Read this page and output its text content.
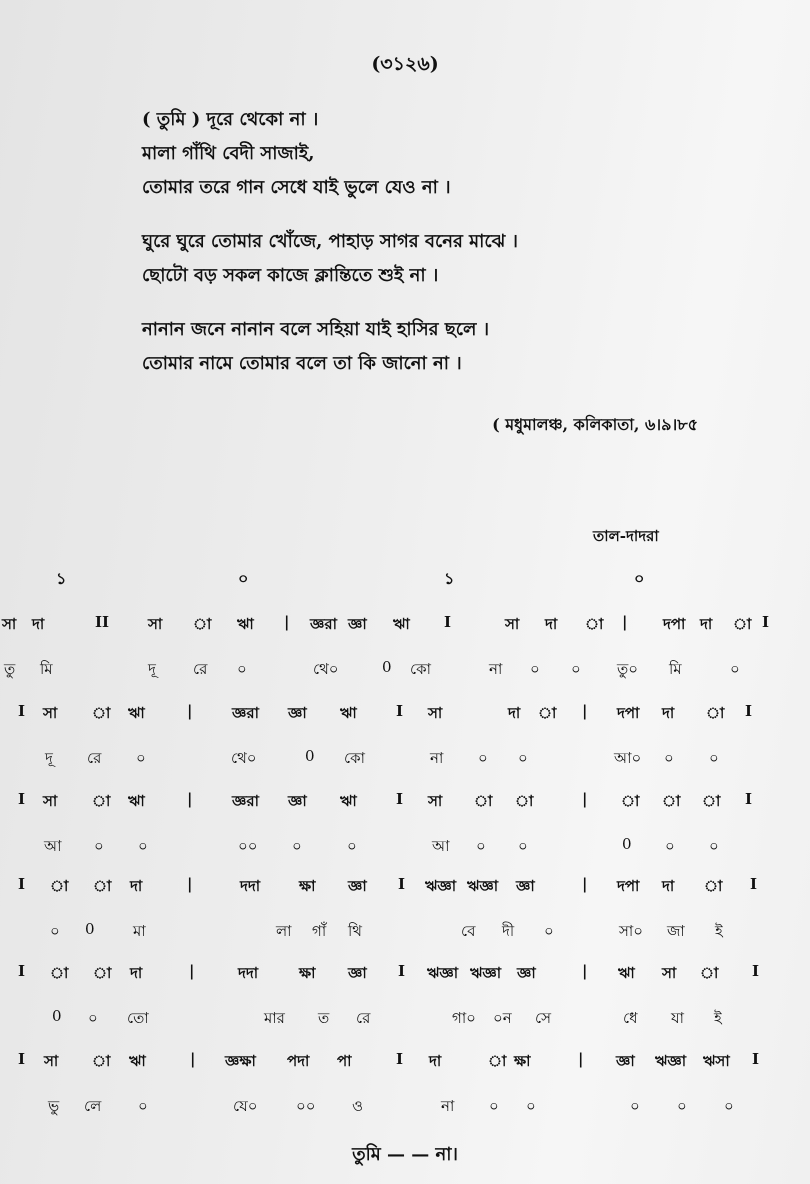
(৩১২৬)
( তুমি ) দূরে থেকো না ।
মালা গাঁথি বেদী সাজাই,
তোমার তরে গান সেধে যাই ভুলে যেও না ।
ঘুরে ঘুরে তোমার খোঁজে, পাহাড় সাগর বনের মাঝে ।
ছোটো বড় সকল কাজে ক্লান্তিতে শুই না ।
নানান জনে নানান বলে সহিয়া যাই হাসির ছলে ।
তোমার নামে তোমার বলে তা কি জানো না ।
( মধুমালঞ্চ, কলিকাতা, ৬।৯।৮৫
তাল-দাদরা
১	০	১	০
সা দা	II	সা া ঋা | জ্ঞরা জ্ঞা ঋা I	সা দা া | দপা দা া I
তু মি	দূ রে ০	থে০	0 কো	না ০ ০ তু০ মি	০
I সা া ঋা	|	জ্ঞরা জ্ঞা ঋা	I সা	দা া | দপা দা া I
দূ রে ০	থে০	0 কো	না ০ ০	আ০ ০ ০
I সা া ঋা	|	জ্ঞরা জ্ঞা ঋা	I সা া া	| া া া I
আ ০ ০	০০ ০	০	আ ০ ০	0 ০ ০
I া া দা	|	দদা	ক্ষা জ্ঞা I ঋজ্ঞা ঋজ্ঞা জ্ঞা	| দপা দা া I
০ 0	মা	লা গাঁ থি	বে দী ০	সা০ জা ই
I া া দা	|	দদা	ক্ষা জ্ঞা I ঋজ্ঞা ঋজ্ঞা জ্ঞা	| ঋা সা া I
0 ০ তো	মার ত রে	গা০ ০ন সে	ধে যা ই
I সা া ঋা	| জ্ঞক্ষা পদা পা	I দা	া ক্ষা	| জ্ঞা ঋজ্ঞা ঋসা I
ভু লে ০	যে০	০০ ও	না ০ ০	০ ০ ০
তুমি — — না।
